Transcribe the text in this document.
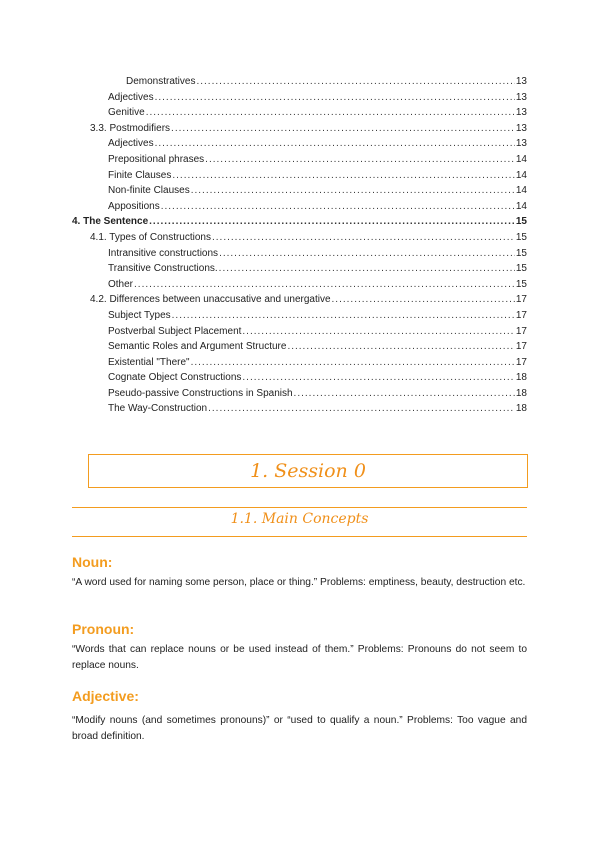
Demonstratives .....	13
Adjectives .....	13
Genitive .....	13
3.3. Postmodifiers .....	13
Adjectives .....	13
Prepositional phrases .....	14
Finite Clauses .....	14
Non-finite Clauses .....	14
Appositions .....	14
4. The Sentence .....	15
4.1. Types of Constructions .....	15
Intransitive constructions .....	15
Transitive Constructions. .....	15
Other .....	15
4.2. Differences between unaccusative and unergative .....	17
Subject Types .....	17
Postverbal Subject Placement .....	17
Semantic Roles and Argument Structure .....	17
Existential "There" .....	17
Cognate Object Constructions .....	18
Pseudo-passive Constructions in Spanish .....	18
The Way-Construction .....	18
1. Session 0
1.1. Main Concepts
Noun:
“A word used for naming some person, place or thing.” Problems: emptiness, beauty, destruction etc.
Pronoun:
“Words that can replace nouns or be used instead of them.” Problems: Pronouns do not seem to replace nouns.
Adjective:
“Modify nouns (and sometimes pronouns)” or “used to qualify a noun.” Problems: Too vague and broad definition.
